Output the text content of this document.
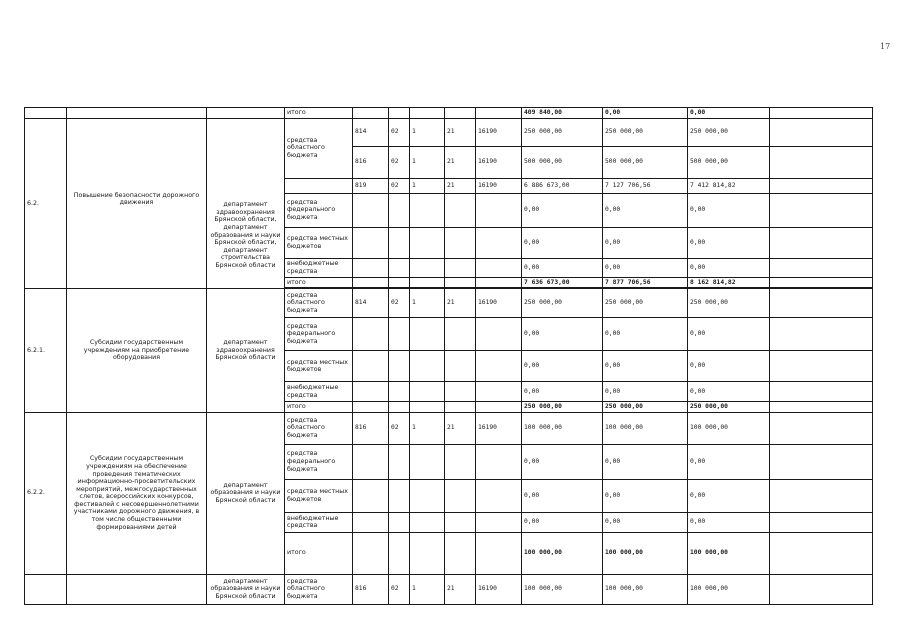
17
			итого						409 840,00	0,00	0,00	
6.2.	Повышение безопасности дорожного движения	департамент здравоохранения Брянской области, департамент образования и науки Брянской области, департамент строительства Брянской области	средства областного бюджета	814	02	1	21	16190	250 000,00	250 000,00	250 000,00	
				816	02	1	21	16190	500 000,00	500 000,00	500 000,00	
				819	02	1	21	16190	6 886 673,00	7 127 706,56	7 412 814,82	
			средства федерального бюджета						0,00	0,00	0,00	
			средства местных бюджетов						0,00	0,00	0,00	
			внебюджетные средства						0,00	0,00	0,00	
			итого						7 636 673,00	7 877 706,56	8 162 814,82	

6.2.1.	Субсидии государственным учреждениям на приобретение оборудования	департамент здравоохранения Брянской области	средства областного бюджета	814	02	1	21	16190	250 000,00	250 000,00	250 000,00	
			средства федерального бюджета						0,00	0,00	0,00	
			средства местных бюджетов						0,00	0,00	0,00	
			внебюджетные средства						0,00	0,00	0,00	
			итого						250 000,00	250 000,00	250 000,00	
6.2.2.	Субсидии государственным учреждениям на обеспечение проведения тематических информационно-просветительских мероприятий, межгосударственных слетов, всероссийских конкурсов, фестивалей с несовершеннолетними участниками дорожного движения, в том числе общественными формированиями детей	департамент образования и науки Брянской области	средства областного бюджета	816	02	1	21	16190	100 000,00	100 000,00	100 000,00	
			средства федерального бюджета						0,00	0,00	0,00	
			средства местных бюджетов						0,00	0,00	0,00	
			внебюджетные средства						0,00	0,00	0,00	
			итого						100 000,00	100 000,00	100 000,00	
		департамент образования и науки Брянской области	средства областного бюджета	816	02	1	21	16190	100 000,00	100 000,00	100 000,00	
